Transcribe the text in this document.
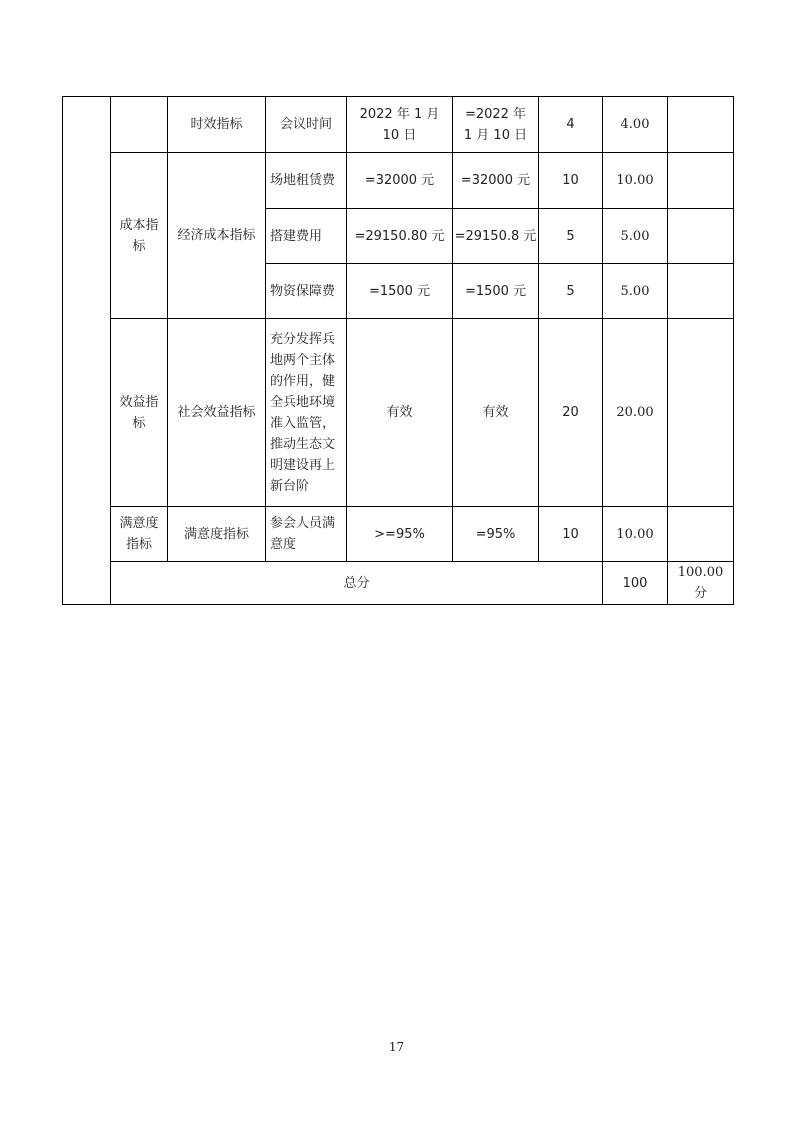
		时效指标	会议时间	2022 年 1 月 10 日	=2022 年 1 月 10 日	4	4.00		
	成本指标	经济成本指标	场地租赁费	=32000 元	=32000 元	10	10.00		
			搭建费用	=29150.80 元	=29150.8 元	5	5.00		
			物资保障费	=1500 元	=1500 元	5	5.00		
	效益指标	社会效益指标	充分发挥兵地两个主体的作用，健全兵地环境准入监管，推动生态文明建设再上新台阶	有效	有效	20	20.00		
	满意度指标	满意度指标	参会人员满意度	>=95%	=95%	10	10.00		
	总分						100	100.00 分	
17
